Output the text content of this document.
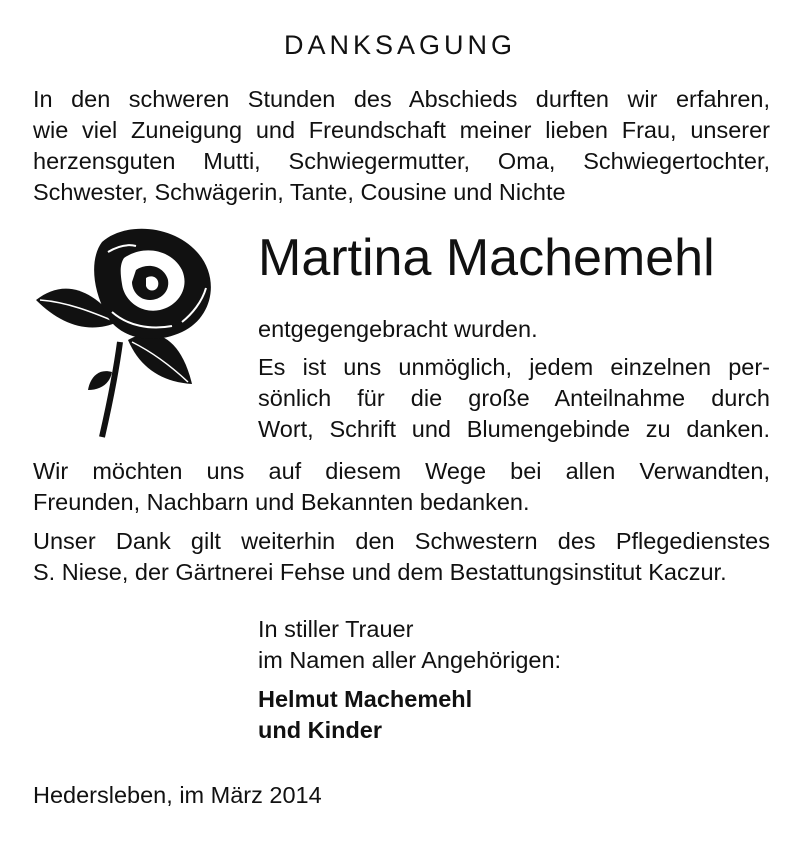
DANKSAGUNG
In den schweren Stunden des Abschieds durften wir erfahren,
wie viel Zuneigung und Freundschaft meiner lieben Frau, unserer
herzensguten Mutti, Schwiegermutter, Oma, Schwiegertochter,
Schwester, Schwägerin, Tante, Cousine und Nichte
Martina Machemehl
entgegengebracht wurden.
Es ist uns unmöglich, jedem einzelnen per-
sönlich für die große Anteilnahme durch
Wort, Schrift und Blumengebinde zu danken.
Wir möchten uns auf diesem Wege bei allen Verwandten,
Freunden, Nachbarn und Bekannten bedanken.
Unser Dank gilt weiterhin den Schwestern des Pflegedienstes
S. Niese, der Gärtnerei Fehse und dem Bestattungsinstitut Kaczur.
In stiller Trauer
im Namen aller Angehörigen:
Helmut Machemehl
und Kinder
Hedersleben, im März 2014
